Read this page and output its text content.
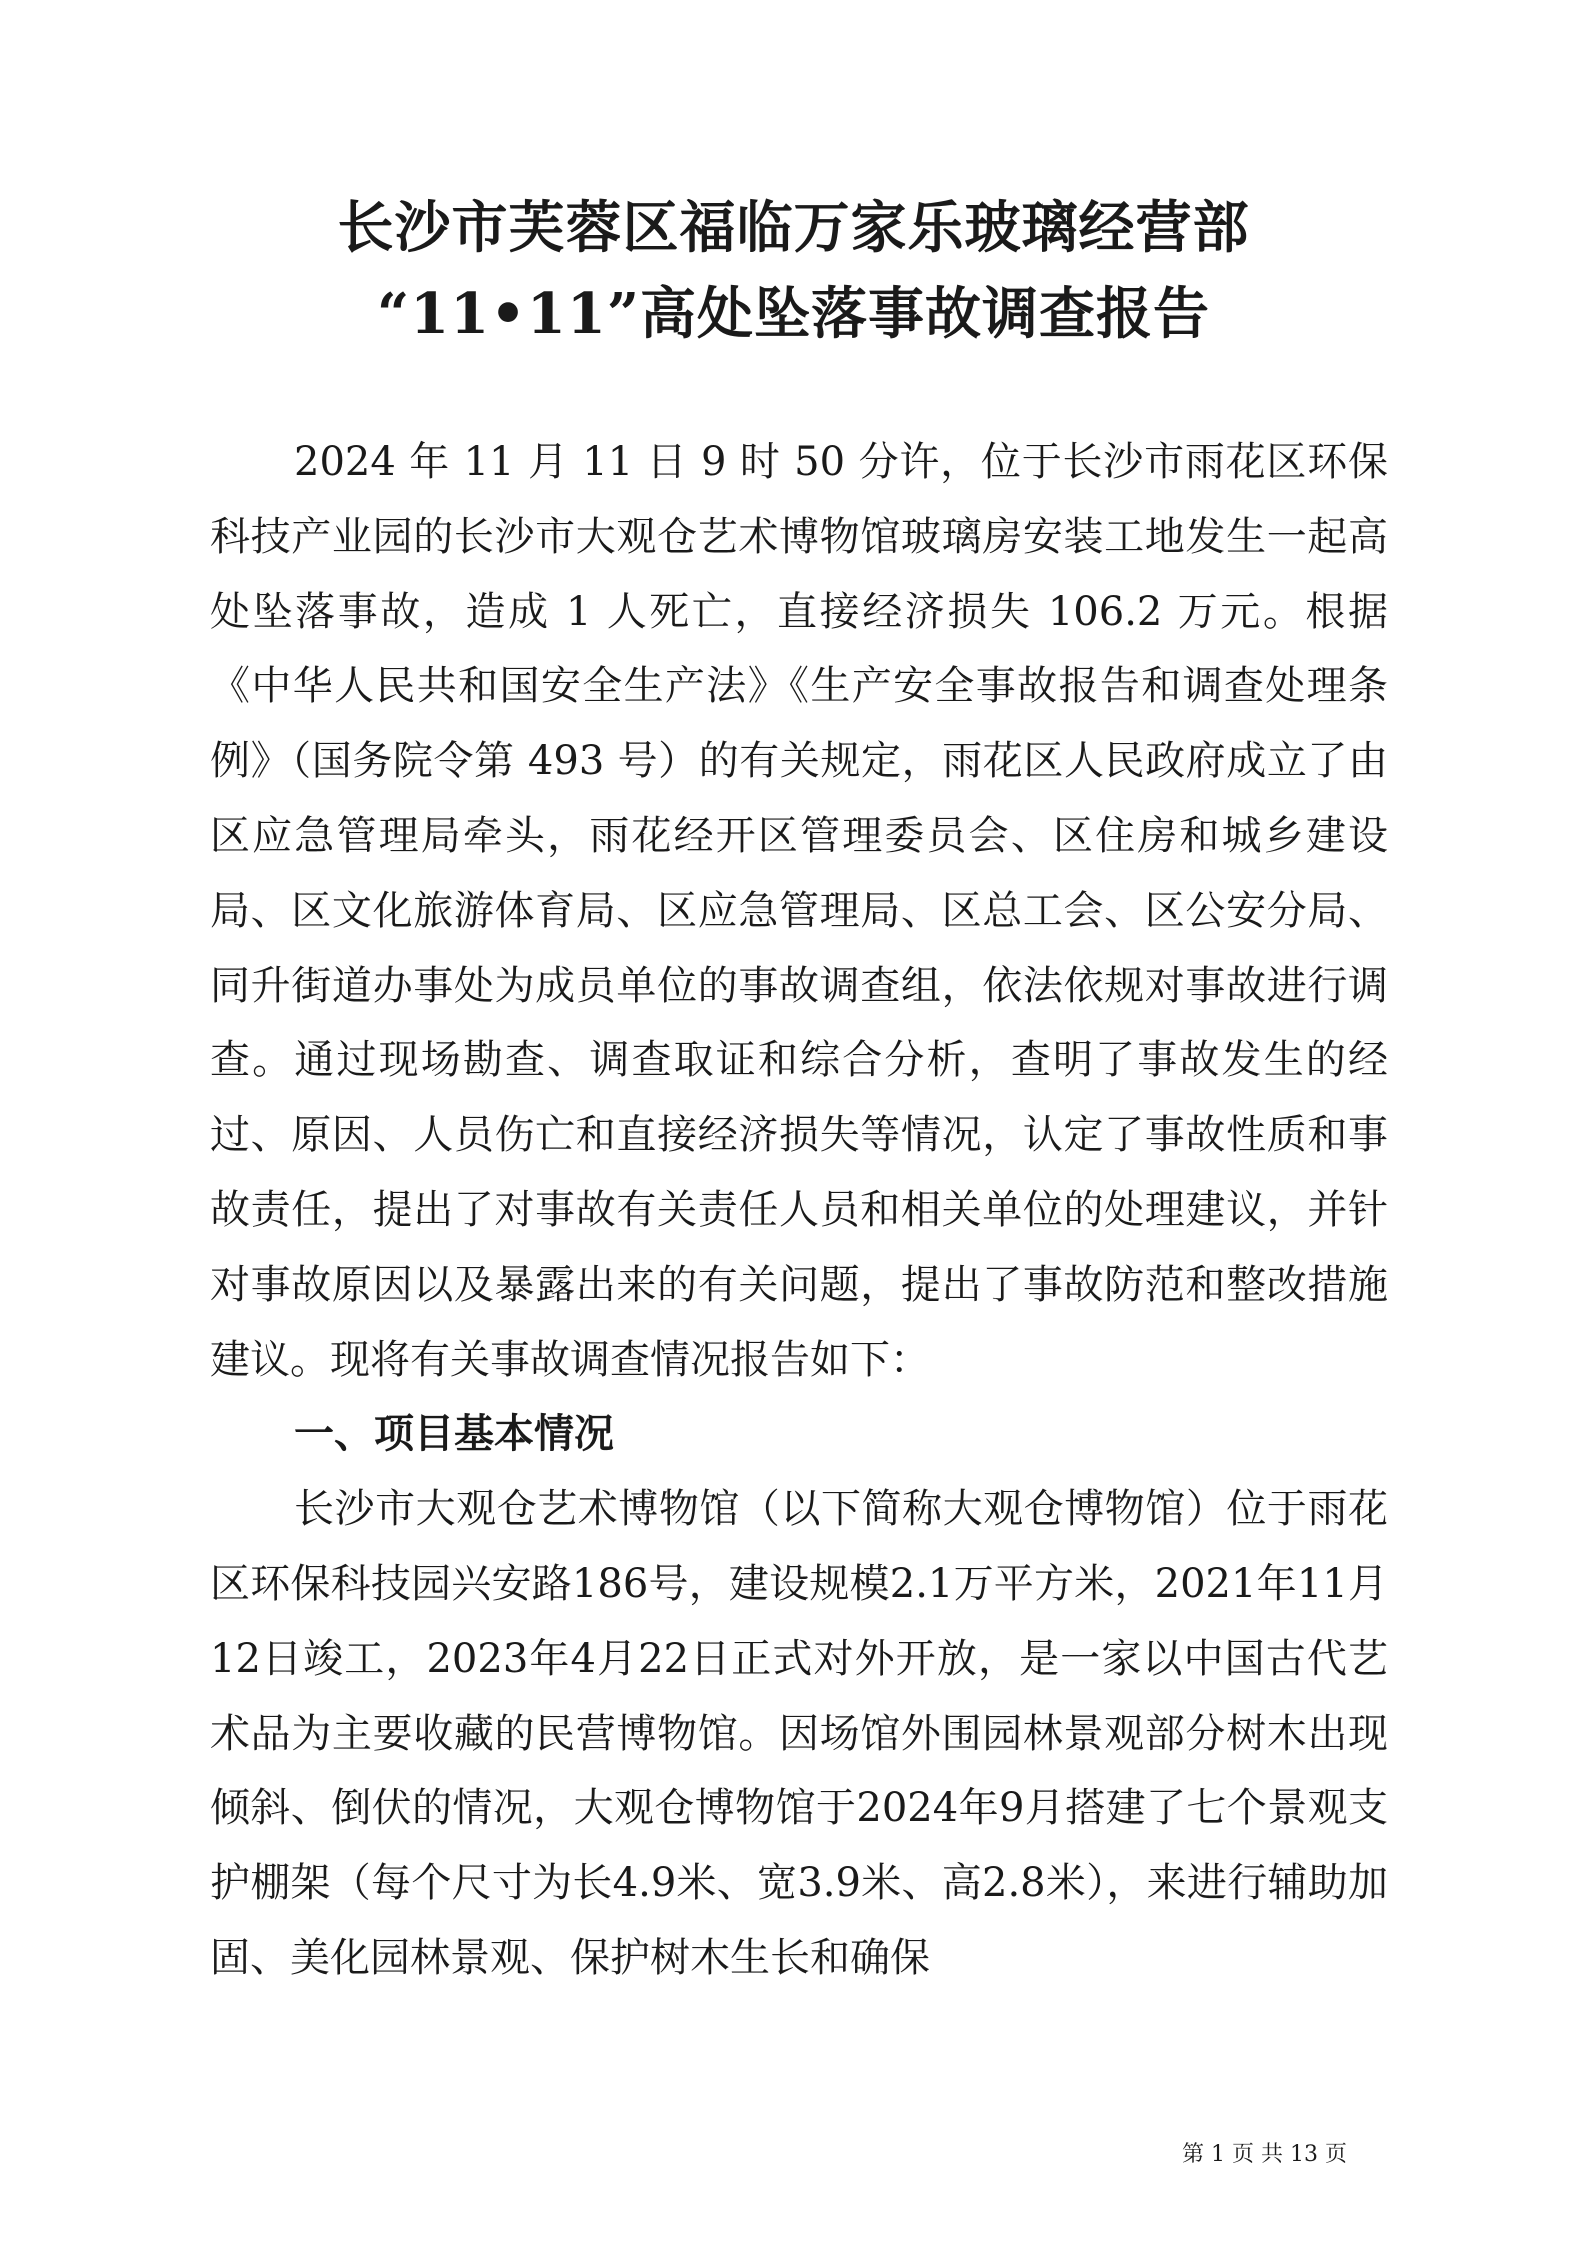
长沙市芙蓉区福临万家乐玻璃经营部
“11•11”高处坠落事故调查报告

2024 年 11 月 11 日 9 时 50 分许，位于长沙市雨花区环保科技产业园的长沙市大观仓艺术博物馆玻璃房安装工地发生一起高处坠落事故，造成 1 人死亡，直接经济损失 106.2 万元。根据《中华人民共和国安全生产法》《生产安全事故报告和调查处理条例》（国务院令第 493 号）的有关规定，雨花区人民政府成立了由区应急管理局牵头，雨花经开区管理委员会、区住房和城乡建设局、区文化旅游体育局、区应急管理局、区总工会、区公安分局、同升街道办事处为成员单位的事故调查组，依法依规对事故进行调查。通过现场勘查、调查取证和综合分析，查明了事故发生的经过、原因、人员伤亡和直接经济损失等情况，认定了事故性质和事故责任，提出了对事故有关责任人员和相关单位的处理建议，并针对事故原因以及暴露出来的有关问题，提出了事故防范和整改措施建议。现将有关事故调查情况报告如下：

一、项目基本情况

长沙市大观仓艺术博物馆（以下简称大观仓博物馆）位于雨花区环保科技园兴安路186号，建设规模2.1万平方米，2021年11月12日竣工，2023年4月22日正式对外开放，是一家以中国古代艺术品为主要收藏的民营博物馆。因场馆外围园林景观部分树木出现倾斜、倒伏的情况，大观仓博物馆于2024年9月搭建了七个景观支护棚架（每个尺寸为长4.9米、宽3.9米、高2.8米），来进行辅助加固、美化园林景观、保护树木生长和确保

第 1 页 共 13 页
